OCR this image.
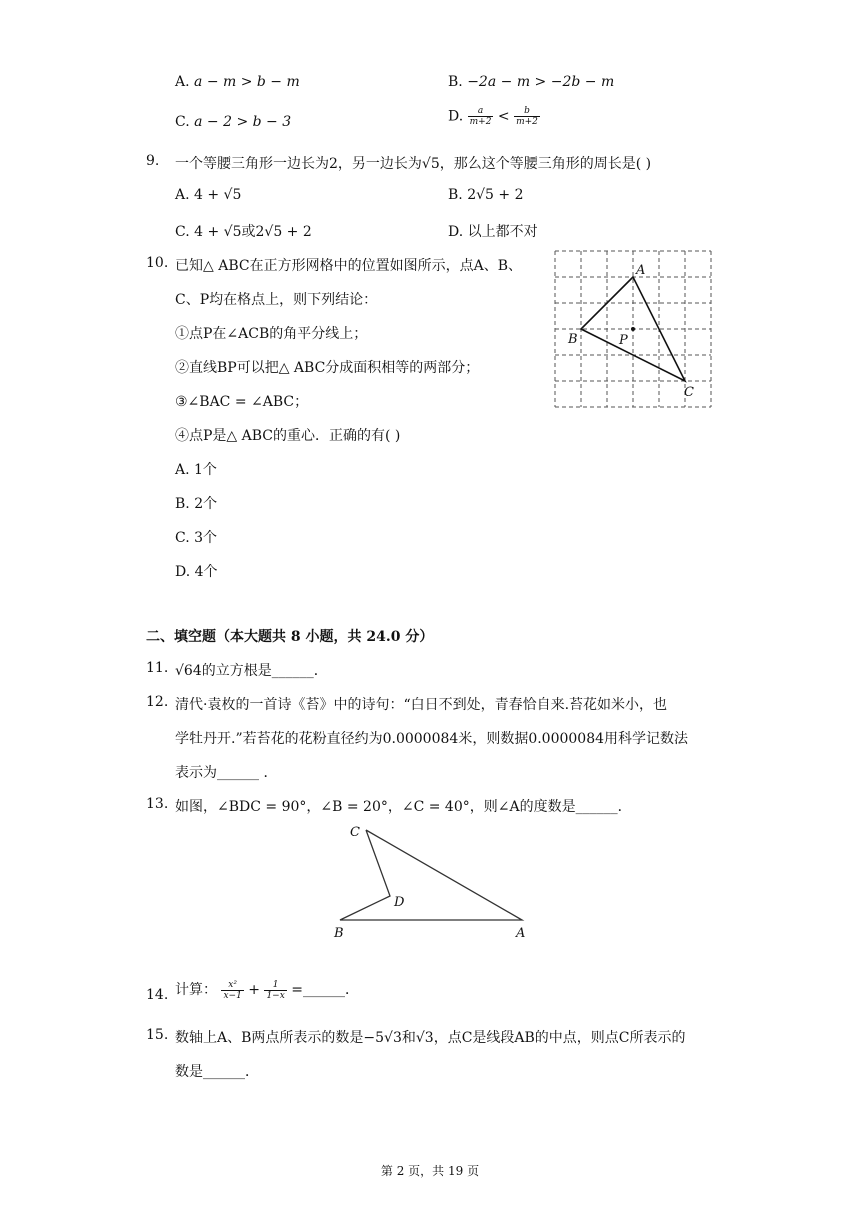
A. a − m > b − m	B. −2a − m > −2b − m
C. a − 2 > b − 3	D. $\frac{a}{m+2} < \frac{b}{m+2}$
9. 一个等腰三角形一边长为2，另一边长为√5，那么这个等腰三角形的周长是( )
A. 4 + √5	B. 2√5 + 2
C. 4 + √5或2√5 + 2	D. 以上都不对
10. 已知△ ABC在正方形网格中的位置如图所示，点A、B、
C、P均在格点上，则下列结论：
①点P在∠ACB的角平分线上；
②直线BP可以把△ ABC分成面积相等的两部分；
③∠BAC = ∠ABC；
④点P是△ ABC的重心．正确的有( )
A. 1个
B. 2个
C. 3个
D. 4个
A
B
C
P
二、填空题（本大题共 8 小题，共 24.0 分）
11. √64的立方根是______．
12. 清代·袁枚的一首诗《苔》中的诗句：“白日不到处，青春恰自来.苔花如米小，也
学牡丹开.”若苔花的花粉直径约为0.0000084米，则数据0.0000084用科学记数法
表示为______ ．
13. 如图，∠BDC = 90°，∠B = 20°，∠C = 40°，则∠A的度数是______．
C
D
B	A
14. 计算： $\frac{\text{x²}}{x-1} + \frac{1}{1-x}$ =______．
15. 数轴上A、B两点所表示的数是−5√3和√3，点C是线段AB的中点，则点C所表示的
数是______．
第 2 页，共 19 页
